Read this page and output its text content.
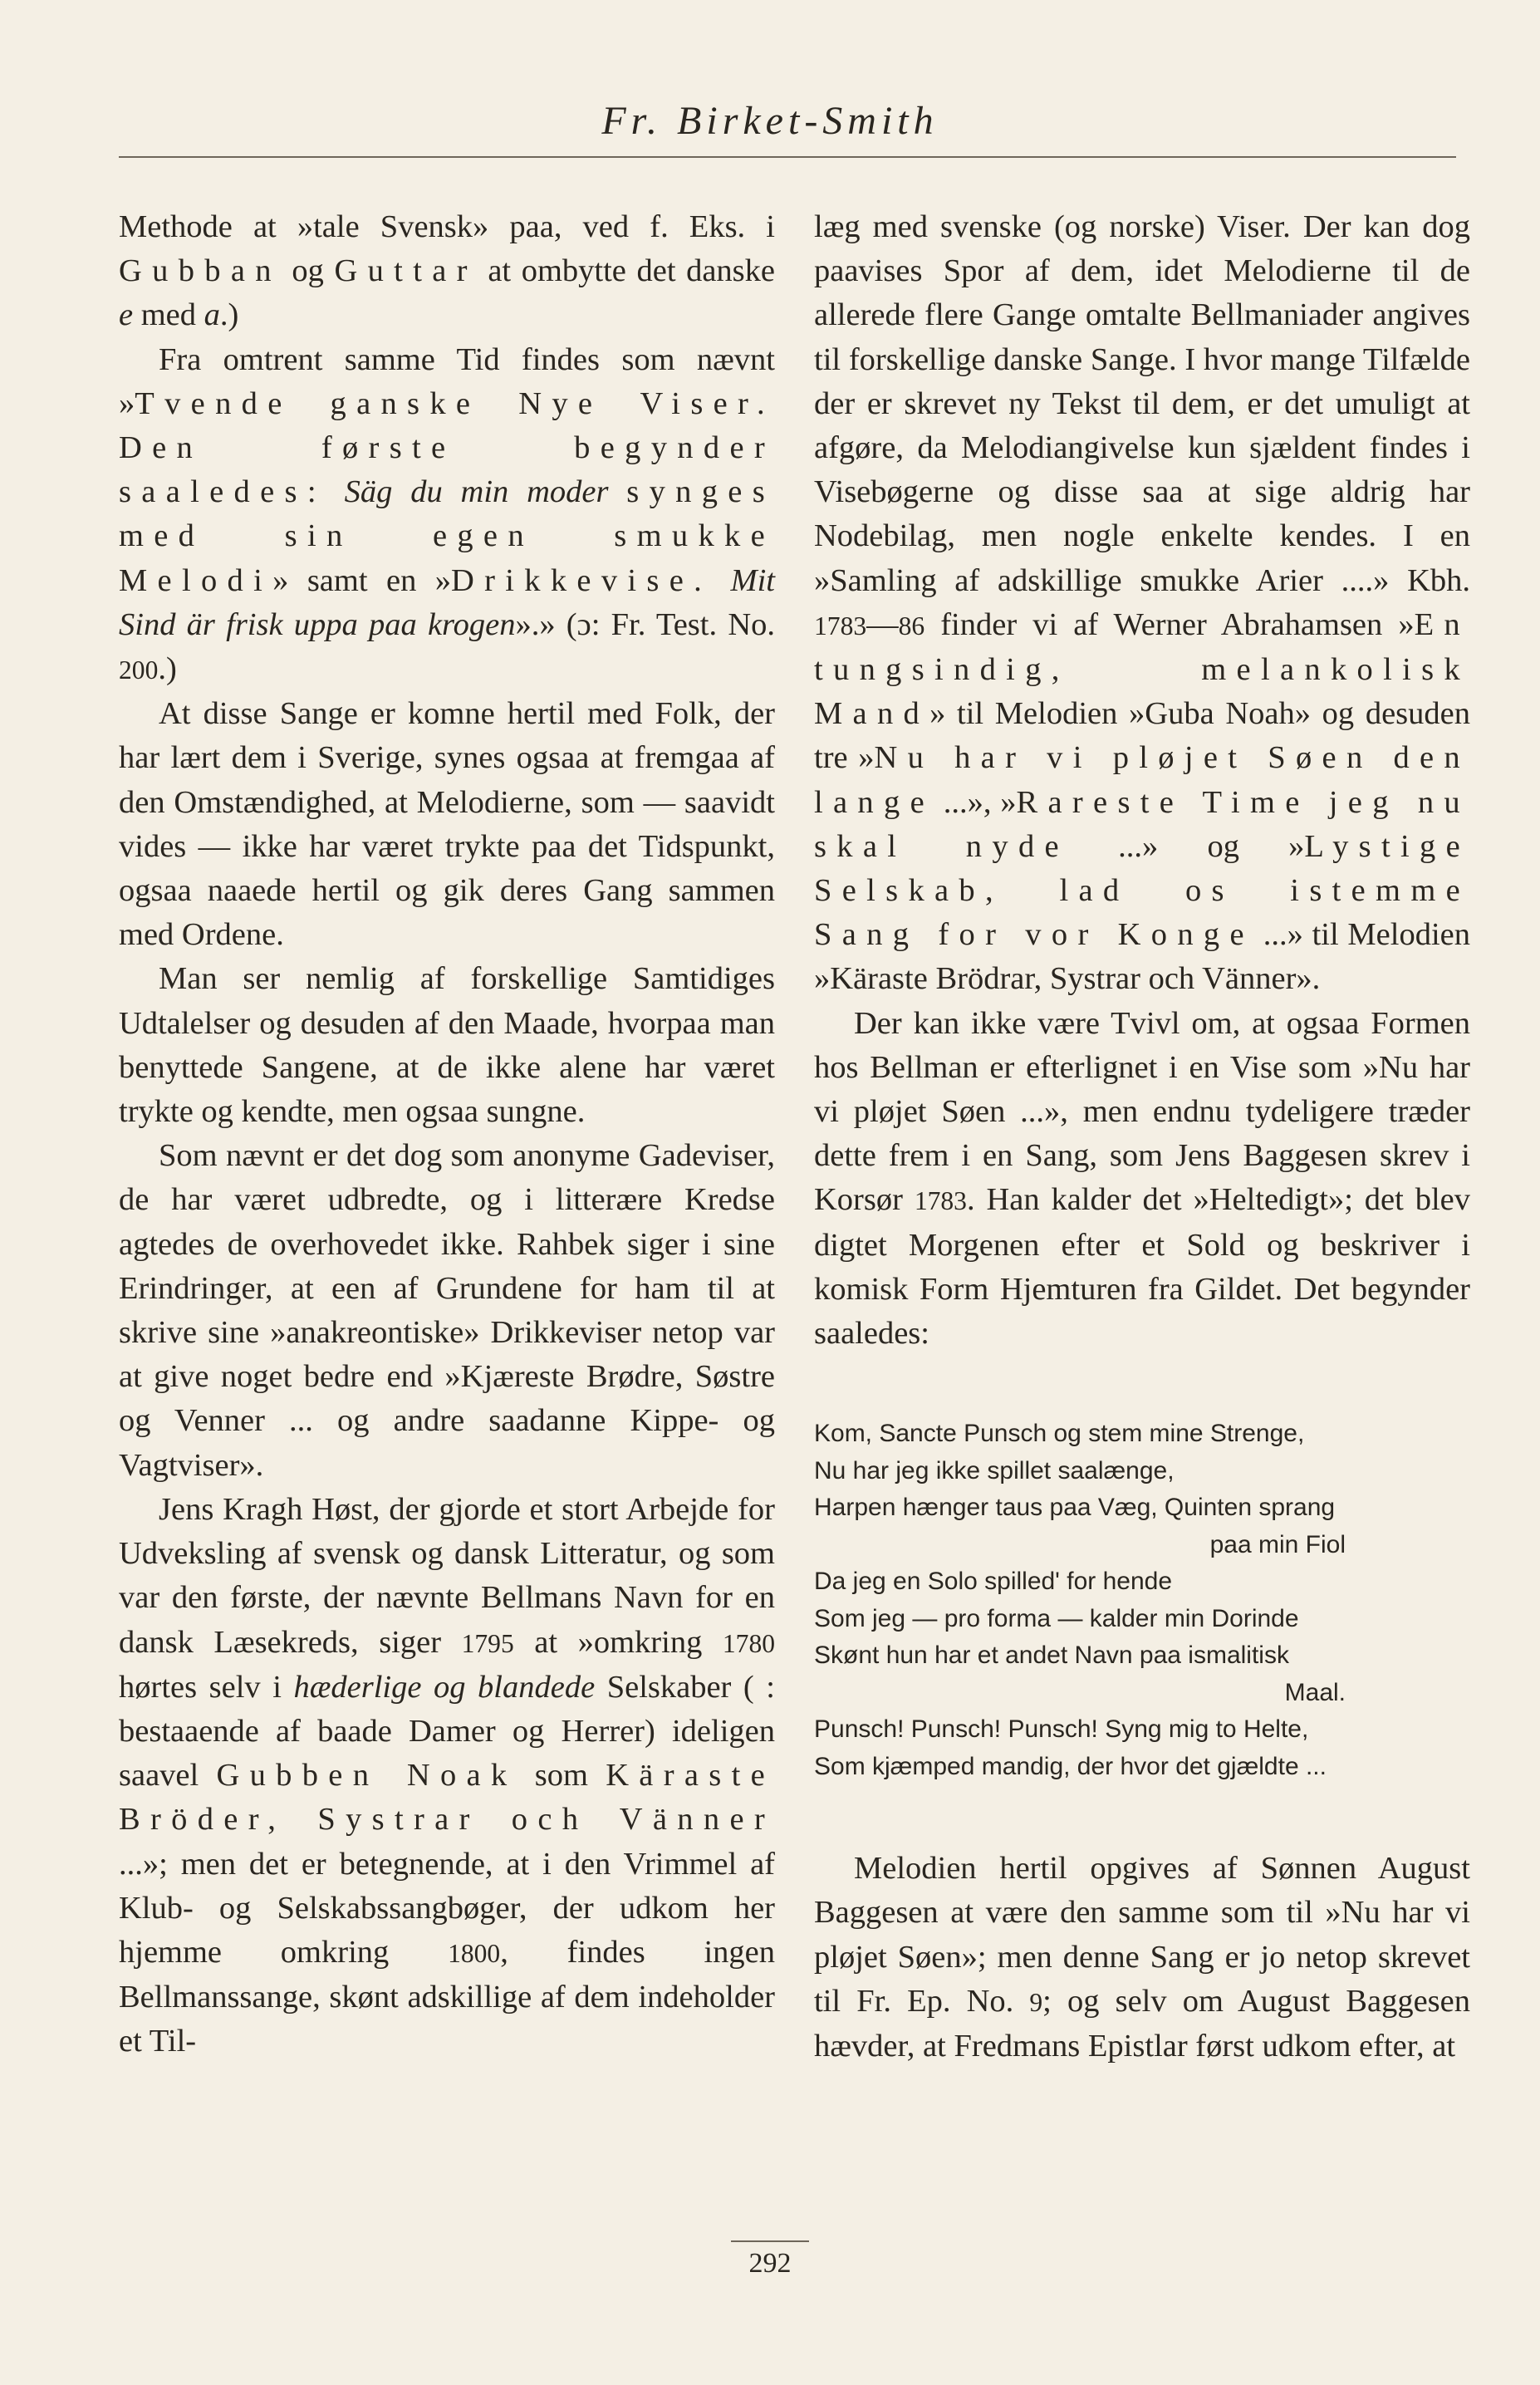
Fr. Birket-Smith

Methode at »tale Svensk» paa, ved f. Eks. i Gubban og Guttar at ombytte det danske e med a.)

Fra omtrent samme Tid findes som nævnt »Tvende ganske Nye Viser. Den første begynder saaledes: Säg du min moder synges med sin egen smukke Melodi» samt en »Drikkevise. Mit Sind är frisk uppa paa krogen».» (ɔ: Fr. Test. No. 200.)

At disse Sange er komne hertil med Folk, der har lært dem i Sverige, synes ogsaa at fremgaa af den Omstændighed, at Melodierne, som — saavidt vides — ikke har været trykte paa det Tidspunkt, ogsaa naaede hertil og gik deres Gang sammen med Ordene.

Man ser nemlig af forskellige Samtidiges Udtalelser og desuden af den Maade, hvorpaa man benyttede Sangene, at de ikke alene har været trykte og kendte, men ogsaa sungne.

Som nævnt er det dog som anonyme Gadeviser, de har været udbredte, og i litterære Kredse agtedes de overhovedet ikke. Rahbek siger i sine Erindringer, at een af Grundene for ham til at skrive sine »anakreontiske» Drikkeviser netop var at give noget bedre end »Kjæreste Brødre, Søstre og Venner ... og andre saadanne Kippe- og Vagtviser».

Jens Kragh Høst, der gjorde et stort Arbejde for Udveksling af svensk og dansk Litteratur, og som var den første, der nævnte Bellmans Navn for en dansk Læsekreds, siger 1795 at »omkring 1780 hørtes selv i hæderlige og blandede Selskaber ( : bestaaende af baade Damer og Herrer) ideligen saavel Gubben Noak som Käraste Bröder, Systrar och Vänner ...»; men det er betegnende, at i den Vrimmel af Klub- og Selskabssangbøger, der udkom her hjemme omkring 1800, findes ingen Bellmanssange, skønt adskillige af dem indeholder et Til-

læg med svenske (og norske) Viser. Der kan dog paavises Spor af dem, idet Melodierne til de allerede flere Gange omtalte Bellmaniader angives til forskellige danske Sange. I hvor mange Tilfælde der er skrevet ny Tekst til dem, er det umuligt at afgøre, da Melodiangivelse kun sjældent findes i Visebøgerne og disse saa at sige aldrig har Nodebilag, men nogle enkelte kendes. I en »Samling af adskillige smukke Arier ....» Kbh. 1783—86 finder vi af Werner Abrahamsen »En tungsindig, melankolisk Mand» til Melodien »Guba Noah» og desuden tre »Nu har vi pløjet Søen den lange ...», »Rareste Time jeg nu skal nyde ...» og »Lystige Selskab, lad os istemme Sang for vor Konge ...» til Melodien »Käraste Brödrar, Systrar och Vänner».

Der kan ikke være Tvivl om, at ogsaa Formen hos Bellman er efterlignet i en Vise som »Nu har vi pløjet Søen ...», men endnu tydeligere træder dette frem i en Sang, som Jens Baggesen skrev i Korsør 1783. Han kalder det »Heltedigt»; det blev digtet Morgenen efter et Sold og beskriver i komisk Form Hjemturen fra Gildet. Det begynder saaledes:

Kom, Sancte Punsch og stem mine Strenge,
Nu har jeg ikke spillet saalænge,
Harpen hænger taus paa Væg, Quinten sprang
paa min Fiol
Da jeg en Solo spilled' for hende
Som jeg — pro forma — kalder min Dorinde
Skønt hun har et andet Navn paa ismalitisk
Maal.
Punsch! Punsch! Punsch! Syng mig to Helte,
Som kjæmped mandig, der hvor det gjældte ...

Melodien hertil opgives af Sønnen August Baggesen at være den samme som til »Nu har vi pløjet Søen»; men denne Sang er jo netop skrevet til Fr. Ep. No. 9; og selv om August Baggesen hævder, at Fredmans Epistlar først udkom efter, at

292
